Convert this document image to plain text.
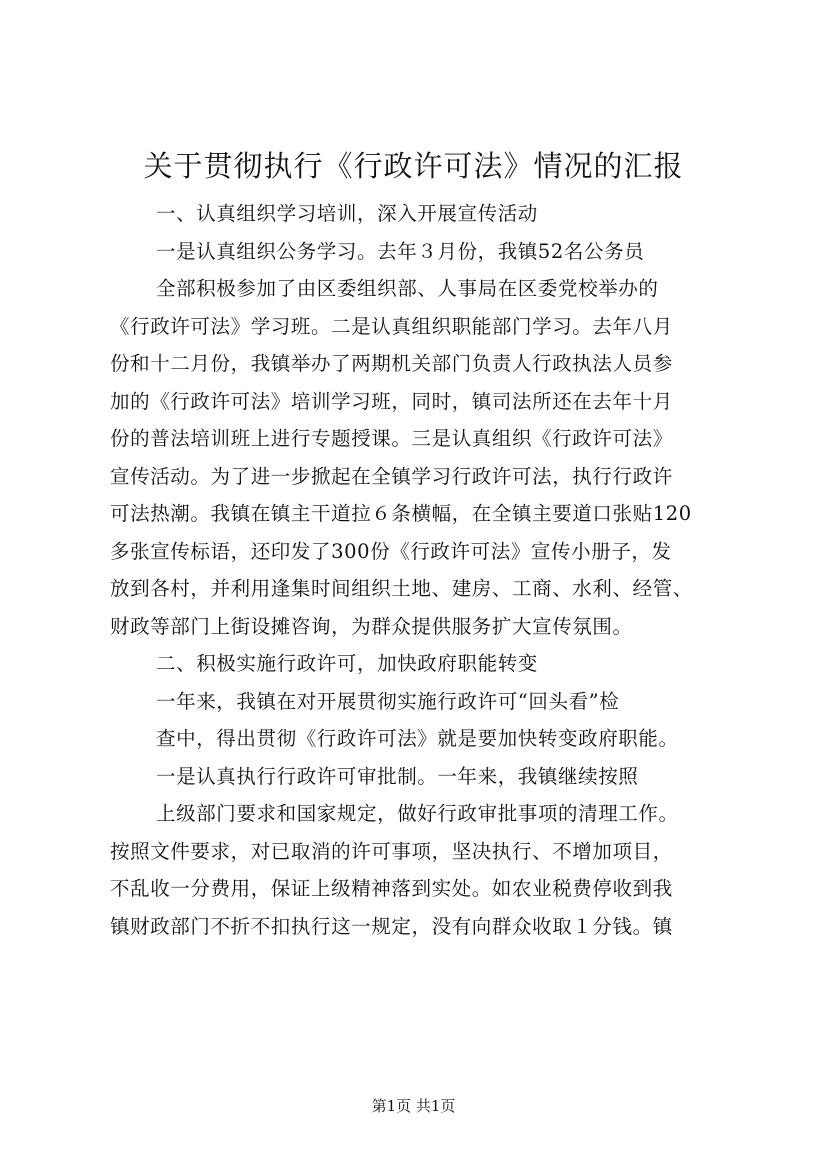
关于贯彻执行《行政许可法》情况的汇报
一、认真组织学习培训，深入开展宣传活动
一是认真组织公务学习。去年３月份，我镇52名公务员
全部积极参加了由区委组织部、人事局在区委党校举办的
《行政许可法》学习班。二是认真组织职能部门学习。去年八月
份和十二月份，我镇举办了两期机关部门负责人行政执法人员参
加的《行政许可法》培训学习班，同时，镇司法所还在去年十月
份的普法培训班上进行专题授课。三是认真组织《行政许可法》
宣传活动。为了进一步掀起在全镇学习行政许可法，执行行政许
可法热潮。我镇在镇主干道拉６条横幅，在全镇主要道口张贴120
多张宣传标语，还印发了300份《行政许可法》宣传小册子，发
放到各村，并利用逢集时间组织土地、建房、工商、水利、经管、
财政等部门上街设摊咨询，为群众提供服务扩大宣传氛围。
二、积极实施行政许可，加快政府职能转变
一年来，我镇在对开展贯彻实施行政许可“回头看”检
查中，得出贯彻《行政许可法》就是要加快转变政府职能。
一是认真执行行政许可审批制。一年来，我镇继续按照
上级部门要求和国家规定，做好行政审批事项的清理工作。
按照文件要求，对已取消的许可事项，坚决执行、不增加项目，
不乱收一分费用，保证上级精神落到实处。如农业税费停收到我
镇财政部门不折不扣执行这一规定，没有向群众收取１分钱。镇
第1页 共1页
